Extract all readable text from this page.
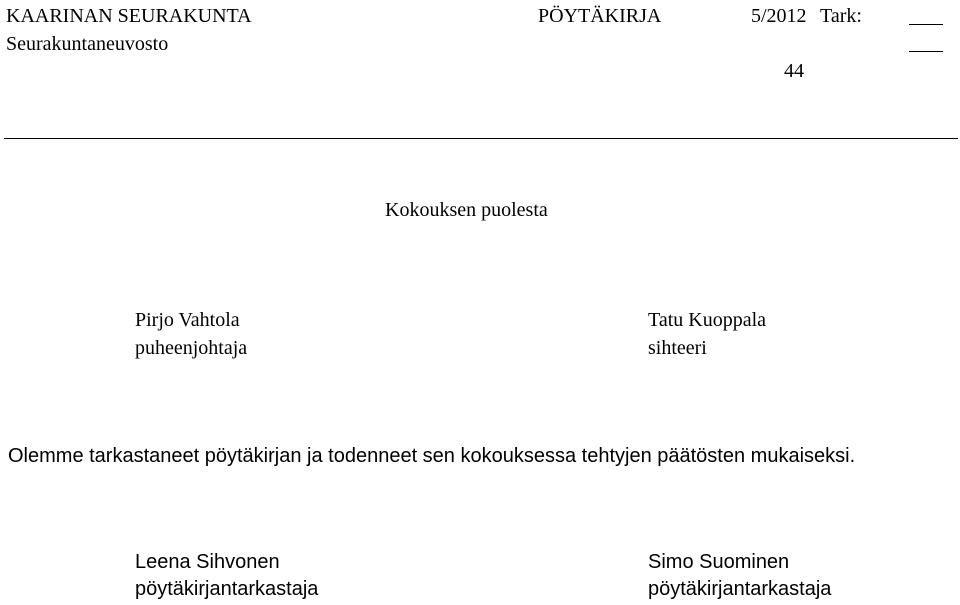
KAARINAN SEURAKUNTA
Seurakuntaneuvosto
PÖYTÄKIRJA	5/2012 Tark:
44
Kokouksen puolesta
Pirjo Vahtola
puheenjohtaja
Tatu Kuoppala
sihteeri
Olemme tarkastaneet pöytäkirjan ja todenneet sen kokouksessa tehtyjen päätösten mukaiseksi.
Leena Sihvonen
pöytäkirjantarkastaja
Simo Suominen
pöytäkirjantarkastaja
